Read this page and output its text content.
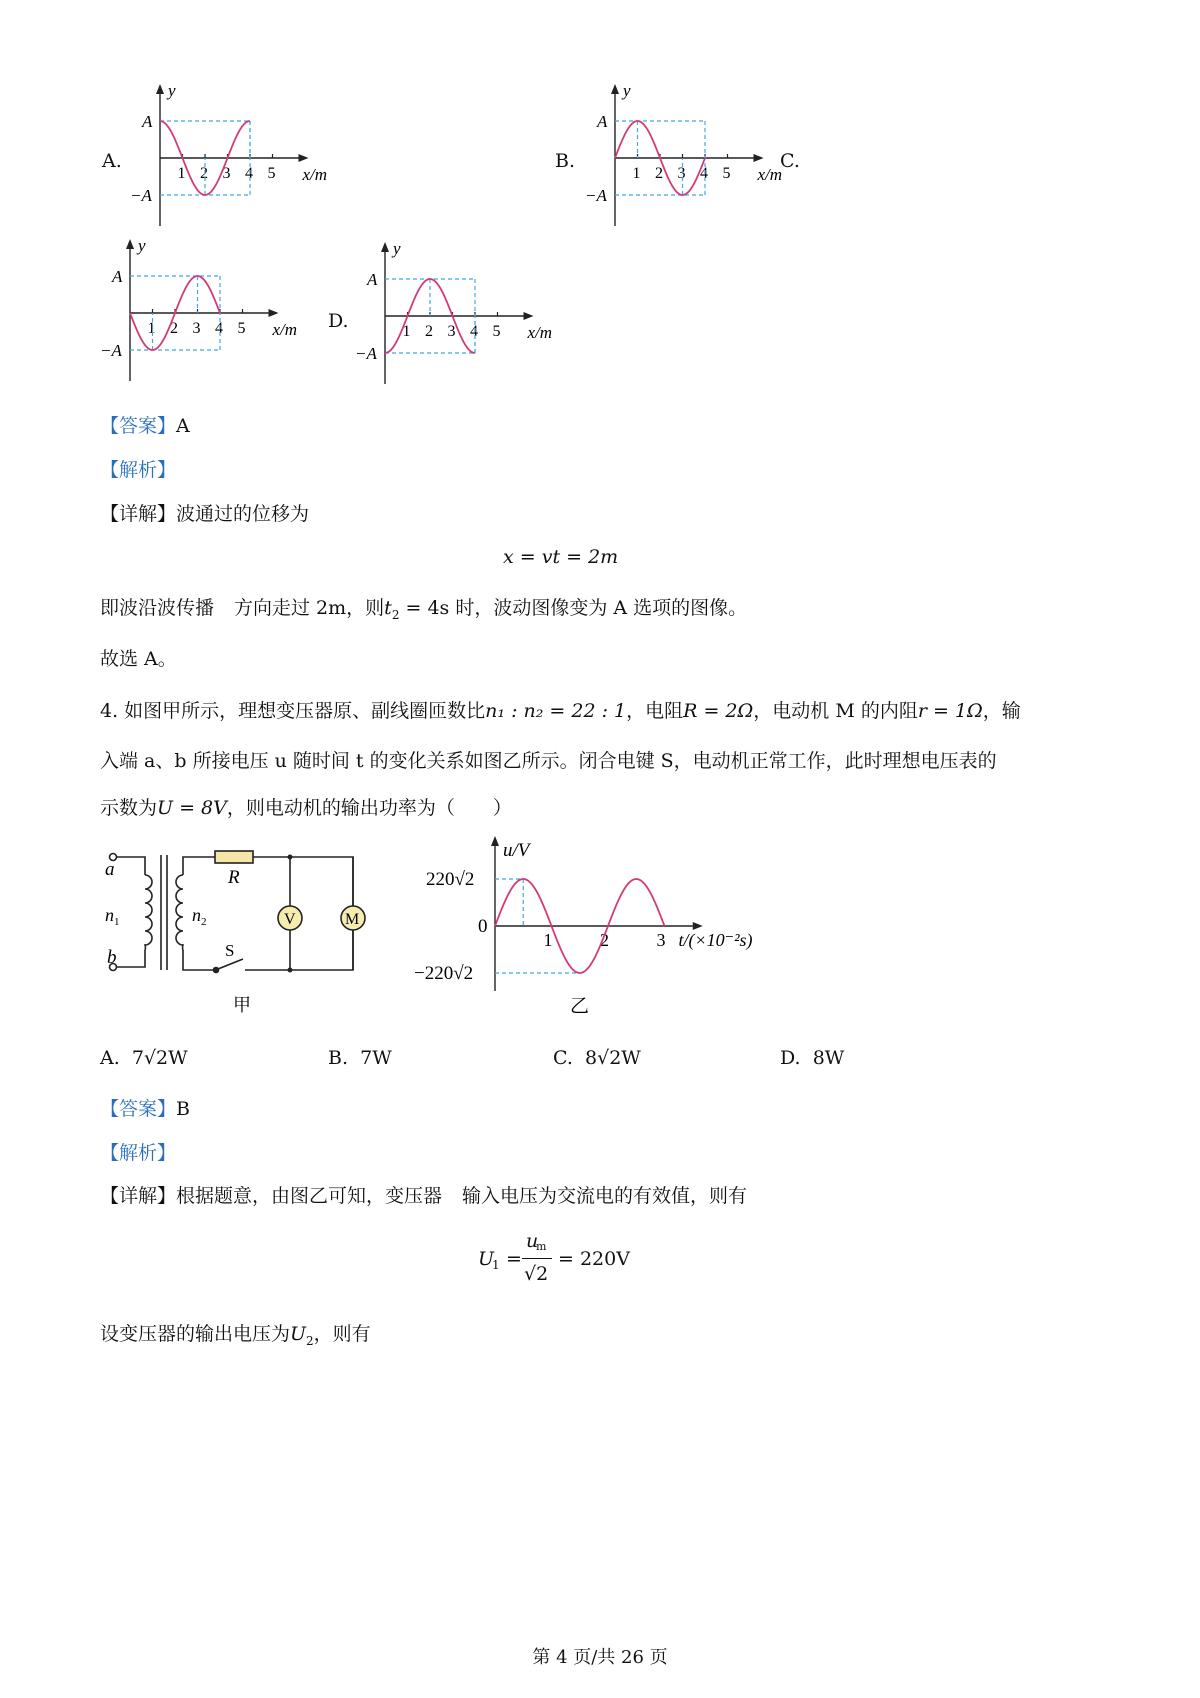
A.
y
x/m
A
−A
1 2 3 4 5
B.
y
x/m
A
−A
1 2 3 4 5
C.
y
x/m
A
−A
1 2 3 4 5	D.
y
x/m
A
−A
1 2 3 4 5
【答案】A
【解析】
【详解】波通过的位移为
x = vt = 2m
即波沿波传播 方向走过 2m，则$t_2 = 4s$ 时，波动图像变为 A 选项的图像。
故选 A。
4. 如图甲所示，理想变压器原、副线圈匝数比n₁ : n₂ = 22 : 1，电阻R = 2Ω，电动机 M 的内阻r = 1Ω，输
入端 a、b 所接电压 u 随时间 t 的变化关系如图乙所示。闭合电键 S，电动机正常工作，此时理想电压表的
示数为U = 8V，则电动机的输出功率为（　　）
V	M
a
b
$n_1$	$n_2$
R
S
甲
u/V
220√2
−220√2
0
1	2	3 t/(×10⁻²s)
乙
A. 7√2W	B. 7W	C. 8√2W	D. 8W
【答案】B
【解析】
【详解】根据题意，由图乙可知，变压器 输入电压为交流电的有效值，则有
U
1 =
u
m
√2
= 220V
设变压器的输出电压为$U_2$，则有
第 4 页/共 26 页
